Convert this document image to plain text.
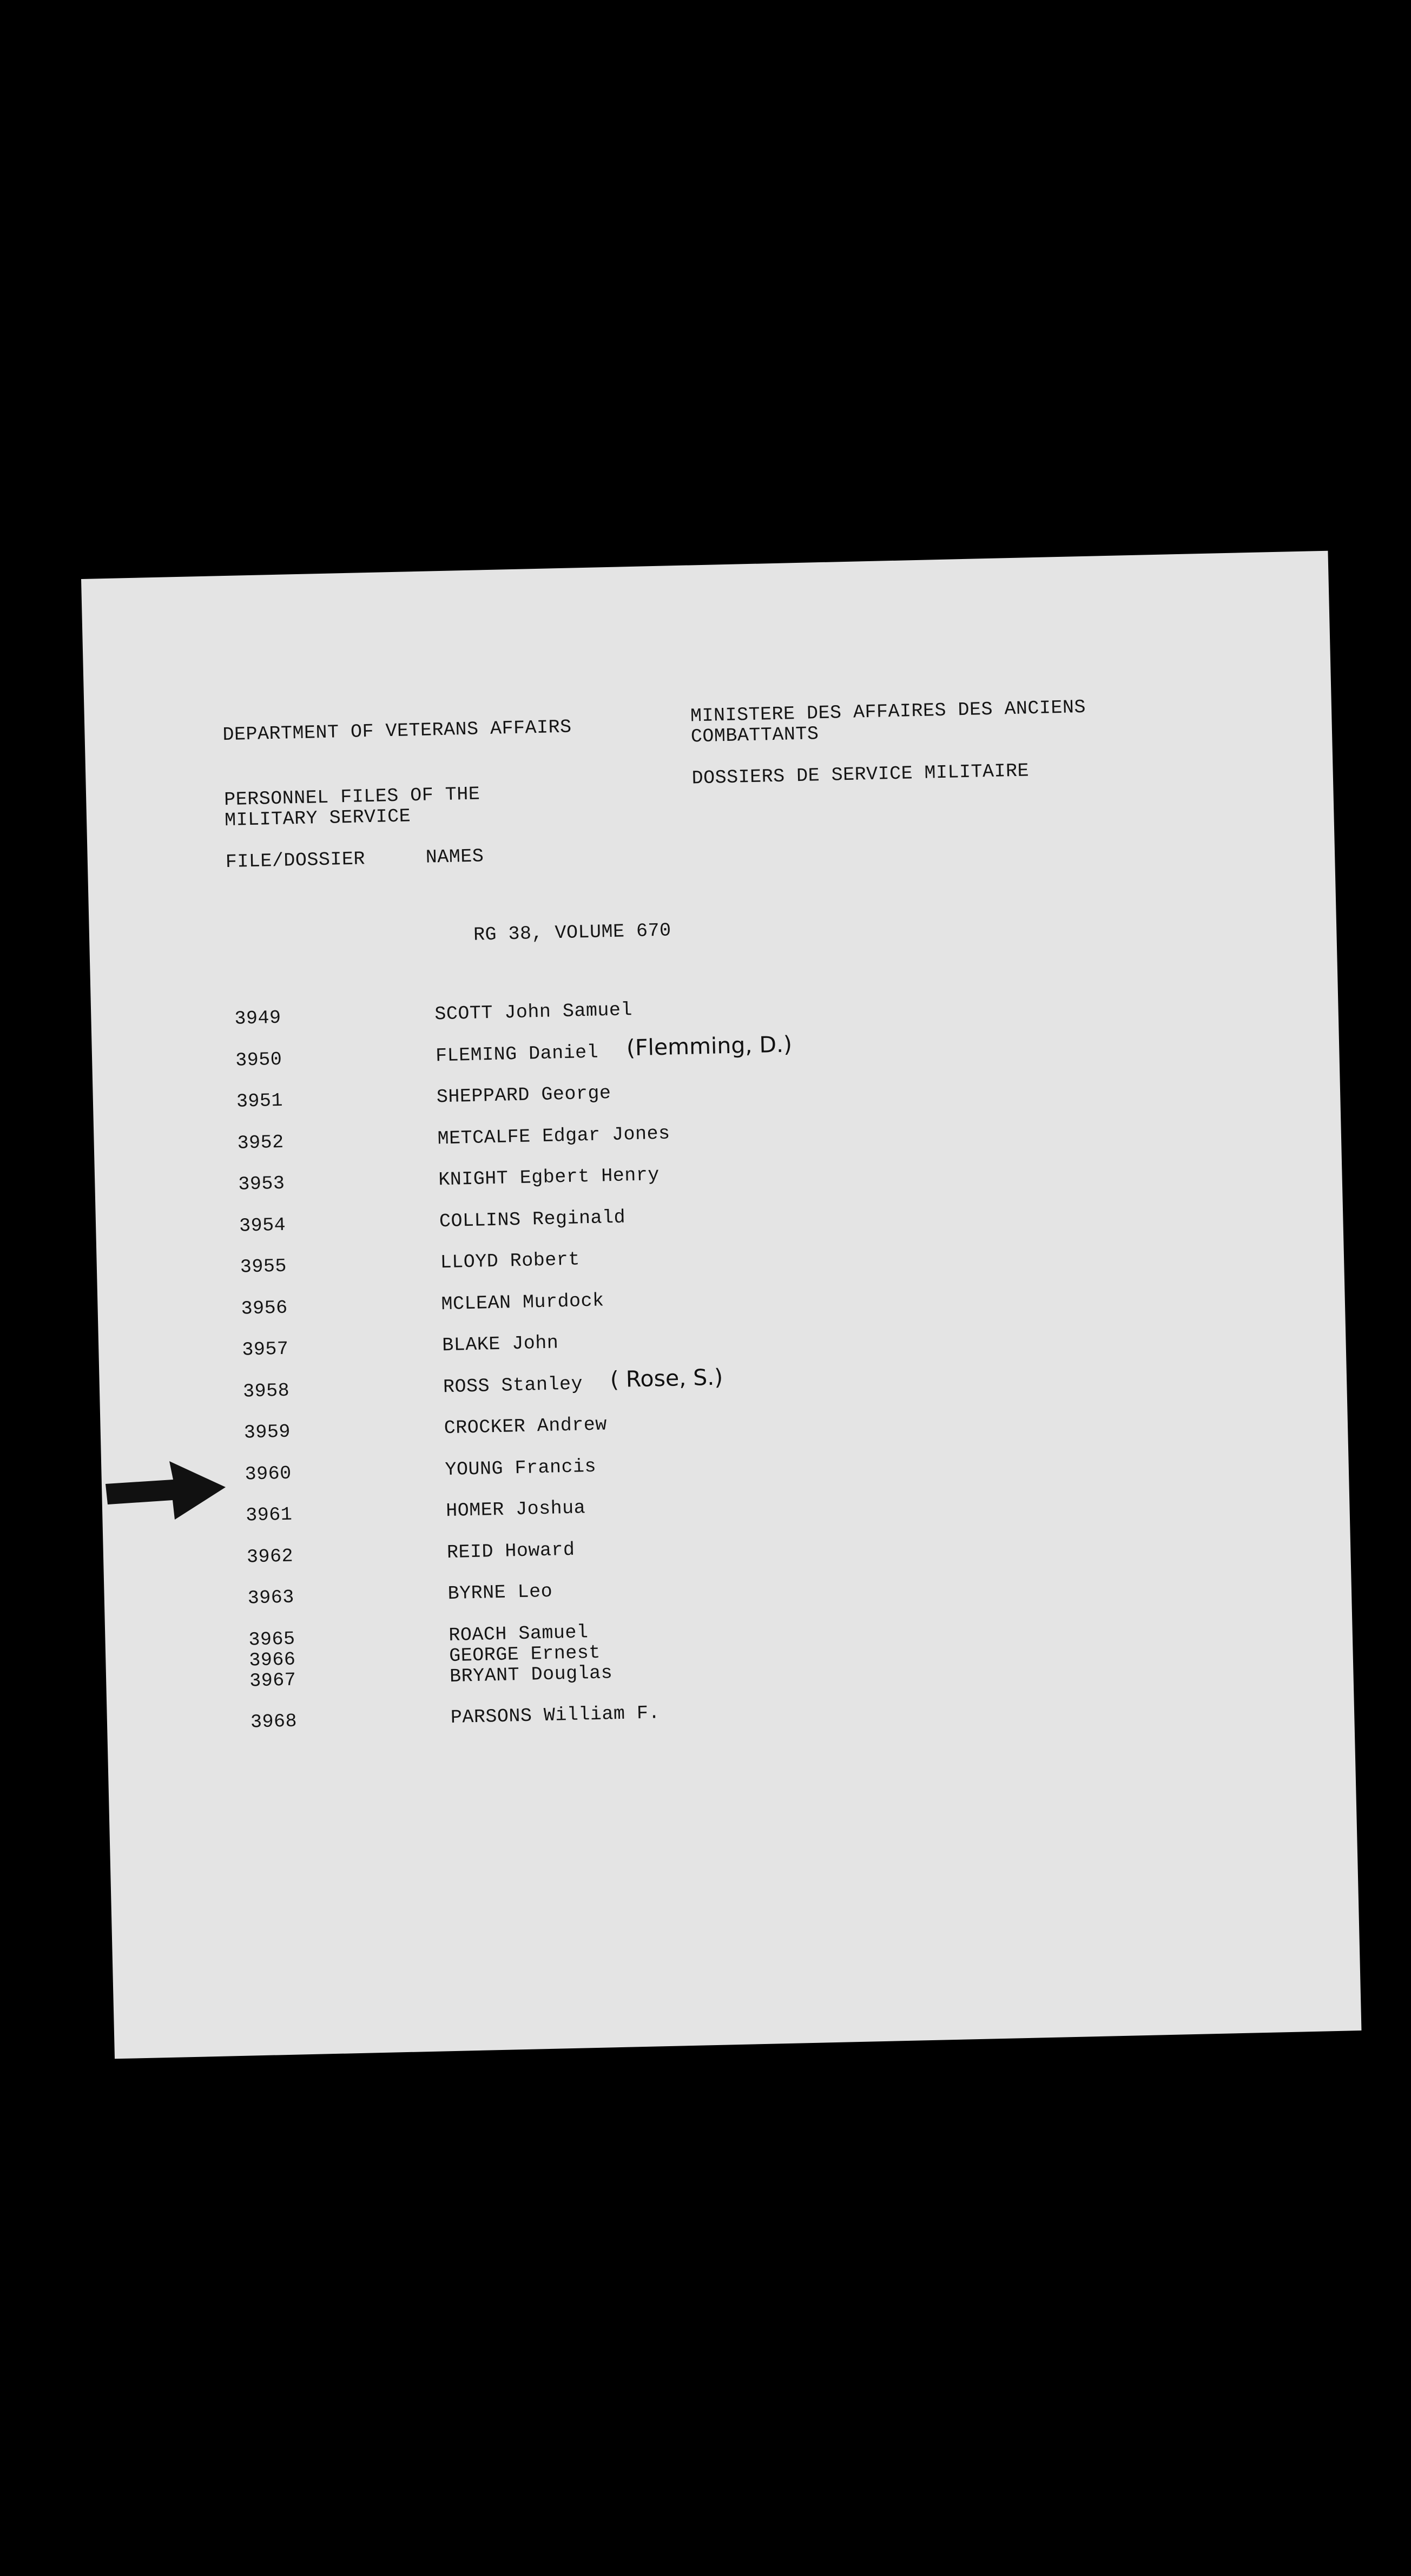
DEPARTMENT OF VETERANS AFFAIRS
MINISTERE DES AFFAIRES DES ANCIENS
COMBATTANTS
PERSONNEL FILES OF THE
MILITARY SERVICE
DOSSIERS DE SERVICE MILITAIRE
FILE/DOSSIER	NAMES
RG 38, VOLUME 670
3949	SCOTT John Samuel
3950	FLEMING Daniel (Flemming, D.)
3951	SHEPPARD George
3952	METCALFE Edgar Jones
3953	KNIGHT Egbert Henry
3954	COLLINS Reginald
3955	LLOYD Robert
3956	MCLEAN Murdock
3957	BLAKE John
3958	ROSS Stanley ( Rose, S.)
3959	CROCKER Andrew
3960	YOUNG Francis
3961	HOMER Joshua
3962	REID Howard
3963	BYRNE Leo
3965	ROACH Samuel
3966	GEORGE Ernest
3967	BRYANT Douglas
3968	PARSONS William F.
